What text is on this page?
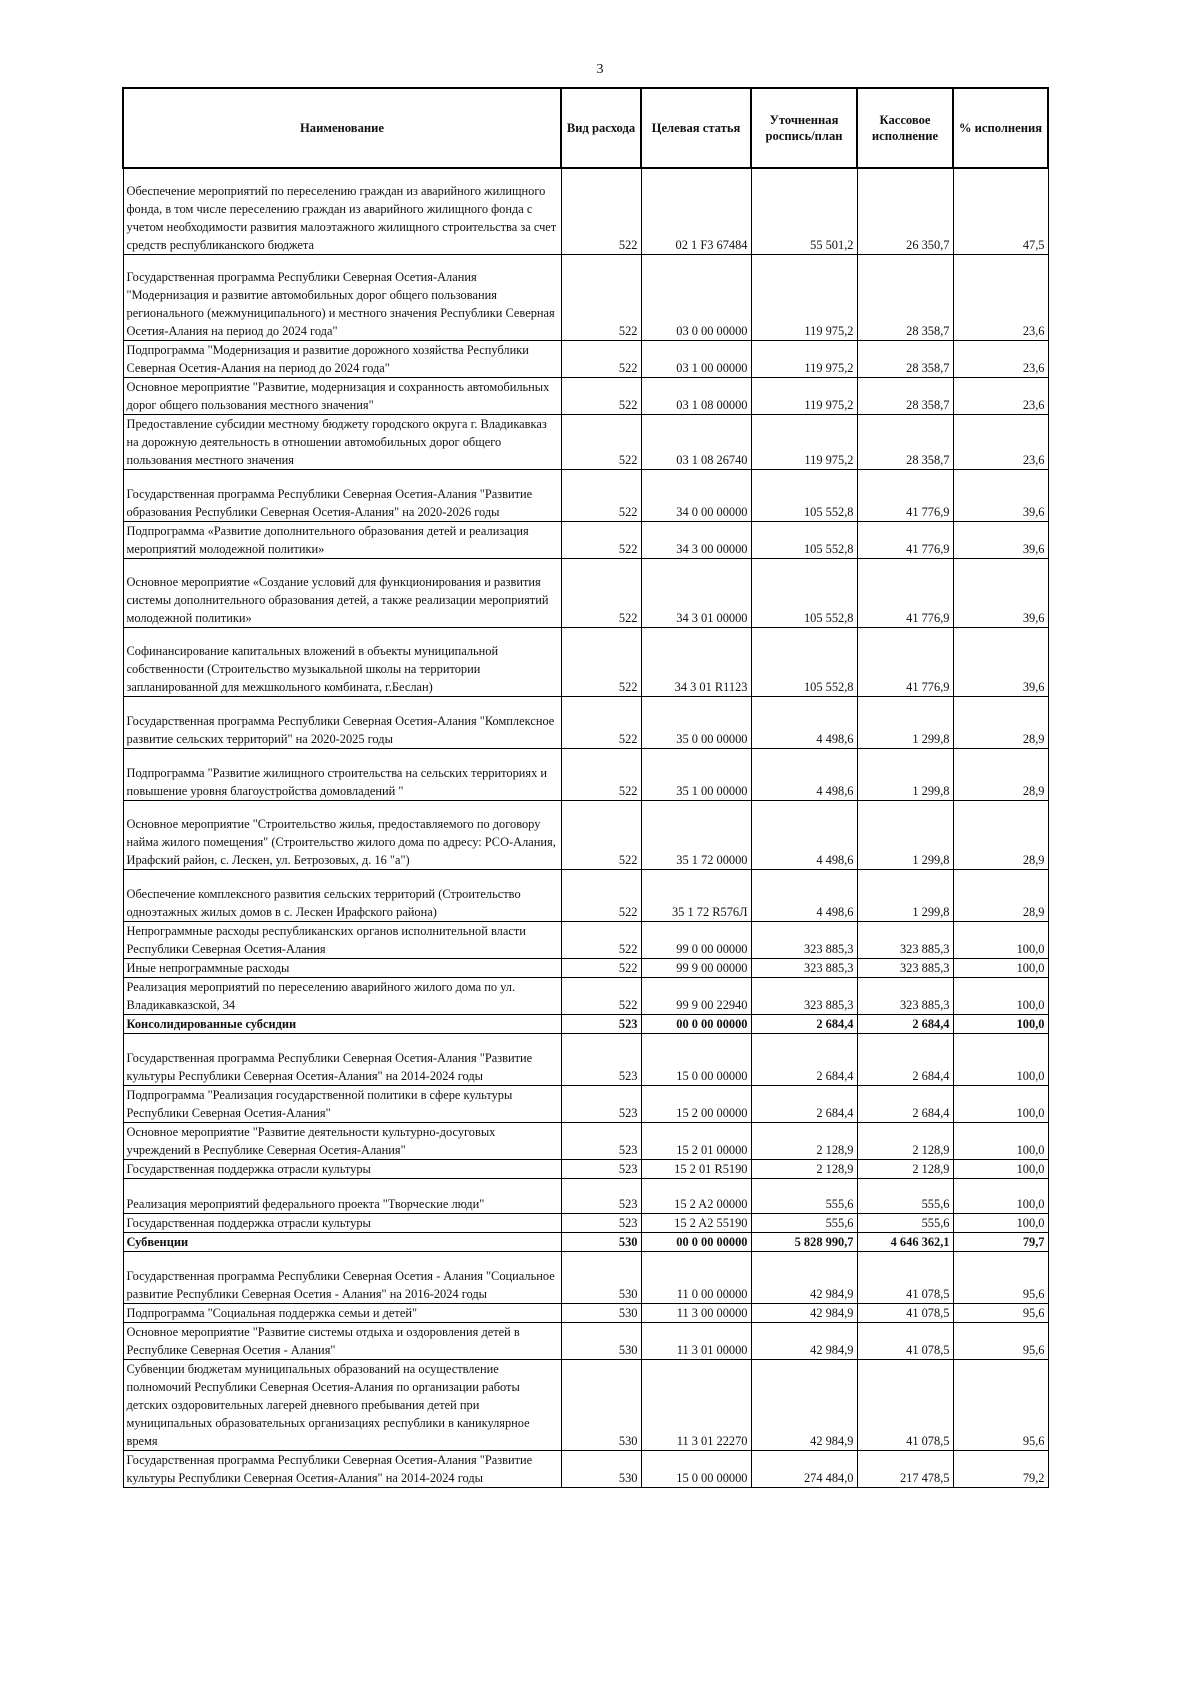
3
Наименование	Вид расхода	Целевая статья	Уточненная роспись/план	Кассовое исполнение	% исполнения
Обеспечение мероприятий по переселению граждан из аварийного жилищного фонда, в том числе переселению граждан из аварийного жилищного фонда с учетом необходимости развития малоэтажного жилищного строительства за счет средств республиканского бюджета	522	02 1 F3 67484	55 501,2	26 350,7	47,5
Государственная программа Республики Северная Осетия-Алания "Модернизация и развитие автомобильных дорог общего пользования регионального (межмуниципального) и местного значения Республики Северная Осетия-Алания на период до 2024 года"	522	03 0 00 00000	119 975,2	28 358,7	23,6
Подпрограмма "Модернизация и развитие дорожного хозяйства Республики Северная Осетия-Алания на период до 2024 года"	522	03 1 00 00000	119 975,2	28 358,7	23,6
Основное мероприятие "Развитие, модернизация и сохранность автомобильных дорог общего пользования местного значения"	522	03 1 08 00000	119 975,2	28 358,7	23,6
Предоставление субсидии местному бюджету городского округа г. Владикавказ на дорожную деятельность в отношении автомобильных дорог общего пользования местного значения	522	03 1 08 26740	119 975,2	28 358,7	23,6
Государственная программа Республики Северная Осетия-Алания "Развитие образования Республики Северная Осетия-Алания" на 2020-2026 годы	522	34 0 00 00000	105 552,8	41 776,9	39,6
Подпрограмма «Развитие дополнительного образования детей и реализация мероприятий молодежной политики»	522	34 3 00 00000	105 552,8	41 776,9	39,6
Основное мероприятие «Создание условий для функционирования и развития системы дополнительного образования детей, а также реализации мероприятий молодежной политики»	522	34 3 01 00000	105 552,8	41 776,9	39,6
Софинансирование капитальных вложений в объекты муниципальной собственности (Строительство музыкальной школы на территории запланированной для межшкольного комбината, г.Беслан)	522	34 3 01 R1123	105 552,8	41 776,9	39,6
Государственная программа Республики Северная Осетия-Алания "Комплексное развитие сельских территорий" на 2020-2025 годы	522	35 0 00 00000	4 498,6	1 299,8	28,9
Подпрограмма "Развитие жилищного строительства на сельских территориях и повышение уровня благоустройства домовладений "	522	35 1 00 00000	4 498,6	1 299,8	28,9
Основное мероприятие "Строительство жилья, предоставляемого по договору найма жилого помещения" (Строительство жилого дома по адресу: РСО-Алания, Ирафский район, с. Лескен, ул. Бетрозовых, д. 16 "а")	522	35 1 72 00000	4 498,6	1 299,8	28,9
Обеспечение комплексного развития сельских территорий (Строительство одноэтажных жилых домов в с. Лескен Ирафского района)	522	35 1 72 R576Л	4 498,6	1 299,8	28,9
Непрограммные расходы республиканских органов исполнительной власти Республики Северная Осетия-Алания	522	99 0 00 00000	323 885,3	323 885,3	100,0
Иные непрограммные расходы	522	99 9 00 00000	323 885,3	323 885,3	100,0
Реализация мероприятий по переселению аварийного жилого дома по ул. Владикавказской, 34	522	99 9 00 22940	323 885,3	323 885,3	100,0
Консолидированные субсидии	523	00 0 00 00000	2 684,4	2 684,4	100,0
Государственная программа Республики Северная Осетия-Алания "Развитие культуры Республики Северная Осетия-Алания" на 2014-2024 годы	523	15 0 00 00000	2 684,4	2 684,4	100,0
Подпрограмма "Реализация государственной политики в сфере культуры Республики Северная Осетия-Алания"	523	15 2 00 00000	2 684,4	2 684,4	100,0
Основное мероприятие "Развитие деятельности культурно-досуговых учреждений в Республике Северная Осетия-Алания"	523	15 2 01 00000	2 128,9	2 128,9	100,0
Государственная поддержка отрасли культуры	523	15 2 01 R5190	2 128,9	2 128,9	100,0
Реализация мероприятий федерального проекта "Творческие люди"	523	15 2 A2 00000	555,6	555,6	100,0
Государственная поддержка отрасли культуры	523	15 2 A2 55190	555,6	555,6	100,0
Субвенции	530	00 0 00 00000	5 828 990,7	4 646 362,1	79,7
Государственная программа Республики Северная Осетия - Алания "Социальное развитие Республики Северная Осетия - Алания" на 2016-2024 годы	530	11 0 00 00000	42 984,9	41 078,5	95,6
Подпрограмма "Социальная поддержка семьи и детей"	530	11 3 00 00000	42 984,9	41 078,5	95,6
Основное мероприятие "Развитие системы отдыха и оздоровления детей в Республике Северная Осетия - Алания"	530	11 3 01 00000	42 984,9	41 078,5	95,6
Субвенции бюджетам муниципальных образований на осуществление полномочий Республики Северная Осетия-Алания по организации работы детских оздоровительных лагерей дневного пребывания детей при муниципальных образовательных организациях республики в каникулярное время	530	11 3 01 22270	42 984,9	41 078,5	95,6
Государственная программа Республики Северная Осетия-Алания "Развитие культуры Республики Северная Осетия-Алания" на 2014-2024 годы	530	15 0 00 00000	274 484,0	217 478,5	79,2
